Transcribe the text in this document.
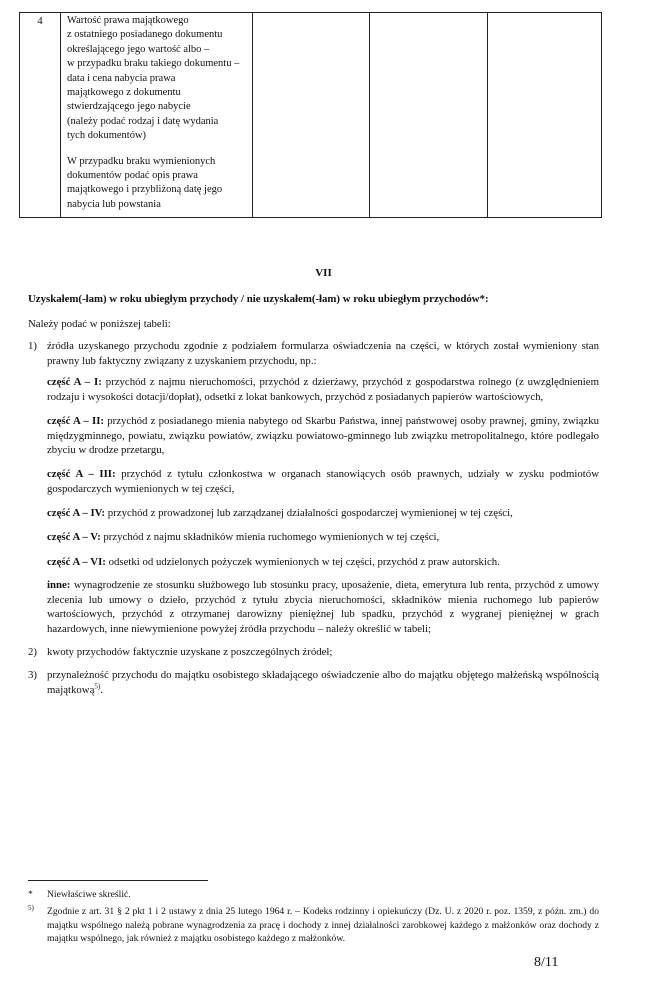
4	Wartość prawa majątkowego
z ostatniego posiadanego dokumentu
określającego jego wartość albo –
w przypadku braku takiego dokumentu –
data i cena nabycia prawa
majątkowego z dokumentu
stwierdzającego jego nabycie
(należy podać rodzaj i datę wydania
tych dokumentów)

W przypadku braku wymienionych
dokumentów podać opis prawa
majątkowego i przybliżoną datę jego
nabycia lub powstania

VII
Uzyskałem(-łam) w roku ubiegłym przychody / nie uzyskałem(-łam) w roku ubiegłym przychodów*:
Należy podać w poniższej tabeli:
1) źródła uzyskanego przychodu zgodnie z podziałem formularza oświadczenia na części, w których został wymieniony stan prawny lub faktyczny związany z uzyskaniem przychodu, np.:
część A – I: przychód z najmu nieruchomości, przychód z dzierżawy, przychód z gospodarstwa rolnego (z uwzględnieniem rodzaju i wysokości dotacji/dopłat), odsetki z lokat bankowych, przychód z posiadanych papierów wartościowych,
część A – II: przychód z posiadanego mienia nabytego od Skarbu Państwa, innej państwowej osoby prawnej, gminy, związku międzygminnego, powiatu, związku powiatów, związku powiatowo-gminnego lub związku metropolitalnego, które podlegało zbyciu w drodze przetargu,
część A – III: przychód z tytułu członkostwa w organach stanowiących osób prawnych, udziały w zysku podmiotów gospodarczych wymienionych w tej części,
część A – IV: przychód z prowadzonej lub zarządzanej działalności gospodarczej wymienionej w tej części,
część A – V: przychód z najmu składników mienia ruchomego wymienionych w tej części,
część A – VI: odsetki od udzielonych pożyczek wymienionych w tej części, przychód z praw autorskich.
inne: wynagrodzenie ze stosunku służbowego lub stosunku pracy, uposażenie, dieta, emerytura lub renta, przychód z umowy zlecenia lub umowy o dzieło, przychód z tytułu zbycia nieruchomości, składników mienia ruchomego lub papierów wartościowych, przychód z otrzymanej darowizny pieniężnej lub spadku, przychód z wygranej pieniężnej w grach hazardowych, inne niewymienione powyżej źródła przychodu – należy określić w tabeli;
2) kwoty przychodów faktycznie uzyskane z poszczególnych źródeł;
3) przynależność przychodu do majątku osobistego składającego oświadczenie albo do majątku objętego małżeńską wspólnością majątkową$^{5)}$.
* Niewłaściwe skreślić.
5) Zgodnie z art. 31 § 2 pkt 1 i 2 ustawy z dnia 25 lutego 1964 r. – Kodeks rodzinny i opiekuńczy (Dz. U. z 2020 r. poz. 1359, z późn. zm.) do majątku wspólnego należą pobrane wynagrodzenia za pracę i dochody z innej działalności zarobkowej każdego z małżonków oraz dochody z majątku wspólnego, jak również z majątku osobistego każdego z małżonków.
8/11
